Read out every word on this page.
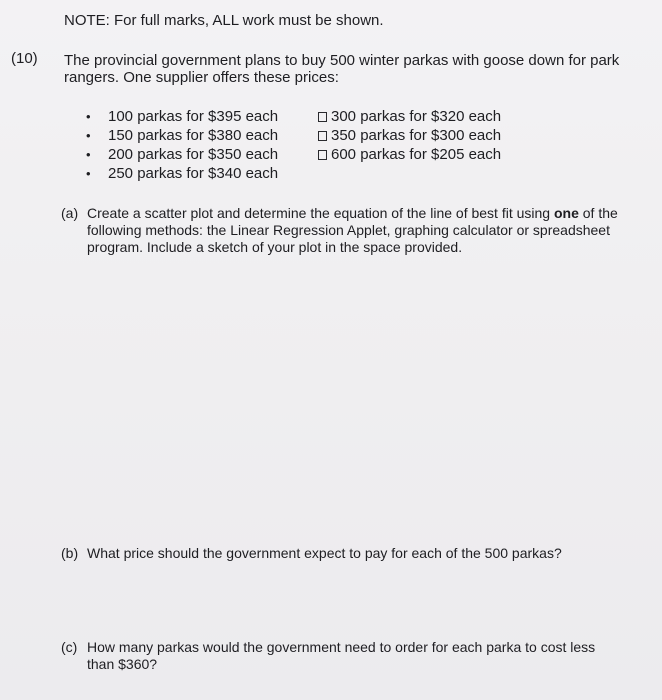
NOTE: For full marks, ALL work must be shown.
(10) The provincial government plans to buy 500 winter parkas with goose down for park rangers. One supplier offers these prices:
•	100 parkas for $395 each
•	150 parkas for $380 each
•	200 parkas for $350 each
•	250 parkas for $340 each
300 parkas for $320 each
350 parkas for $300 each
600 parkas for $205 each
(a) Create a scatter plot and determine the equation of the line of best fit using one of the following methods: the Linear Regression Applet, graphing calculator or spreadsheet program. Include a sketch of your plot in the space provided.
(b) What price should the government expect to pay for each of the 500 parkas?
(c) How many parkas would the government need to order for each parka to cost less than $360?
